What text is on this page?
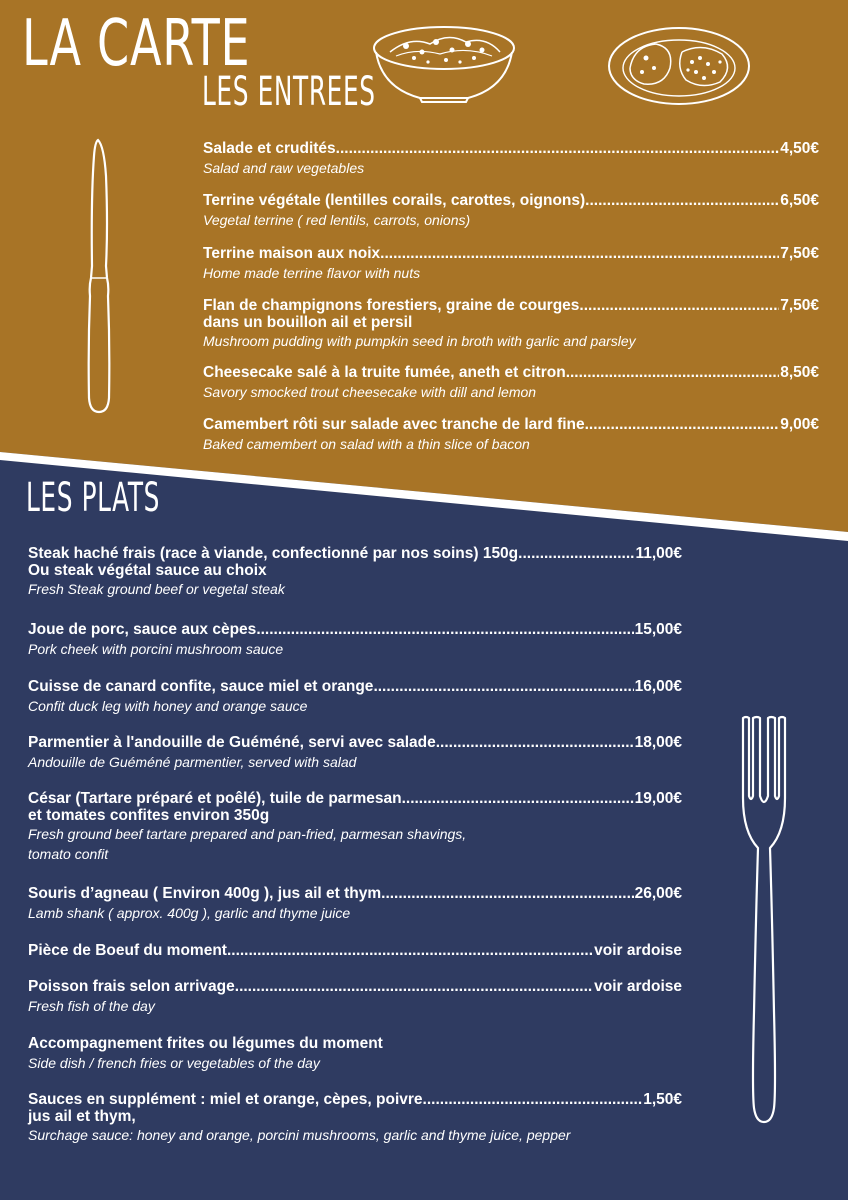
LA CARTE
LES ENTREES
LES PLATS
Salade et crudités .....	4,50€
Salad and raw vegetables
Terrine végétale (lentilles corails, carottes, oignons) .....	6,50€
Vegetal terrine ( red lentils, carrots, onions)
Terrine maison aux noix .....	7,50€
Home made terrine flavor with nuts
Flan de champignons forestiers, graine de courges .....	7,50€
dans un bouillon ail et persil
Mushroom pudding with pumpkin seed in broth with garlic and parsley
Cheesecake salé à la truite fumée, aneth et citron .....	8,50€
Savory smocked trout cheesecake with dill and lemon
Camembert rôti sur salade avec tranche de lard fine .....	9,00€
Baked camembert on salad with a thin slice of bacon
Steak haché frais (race à viande, confectionné par nos soins) 150g .....	11,00€
Ou steak végétal sauce au choix
Fresh Steak ground beef or vegetal steak
Joue de porc, sauce aux cèpes .....	15,00€
Pork cheek with porcini mushroom sauce
Cuisse de canard confite, sauce miel et orange .....	16,00€
Confit duck leg with honey and orange sauce
Parmentier à l'andouille de Guéméné, servi avec salade .....	18,00€
Andouille de Guéméné parmentier, served with salad
César (Tartare préparé et poêlé), tuile de parmesan .....	19,00€
et tomates confites environ 350g
Fresh ground beef tartare prepared and pan-fried, parmesan shavings,
tomato confit
Souris d’agneau ( Environ 400g ), jus ail et thym .....	26,00€
Lamb shank ( approx. 400g ), garlic and thyme juice
Pièce de Boeuf du moment .....	voir ardoise
Poisson frais selon arrivage .....	voir ardoise
Fresh fish of the day
Accompagnement frites ou légumes du moment
Side dish / french fries or vegetables of the day
Sauces en supplément : miel et orange, cèpes, poivre .....	1,50€
jus ail et thym,
Surchage sauce: honey and orange, porcini mushrooms, garlic and thyme juice, pepper
